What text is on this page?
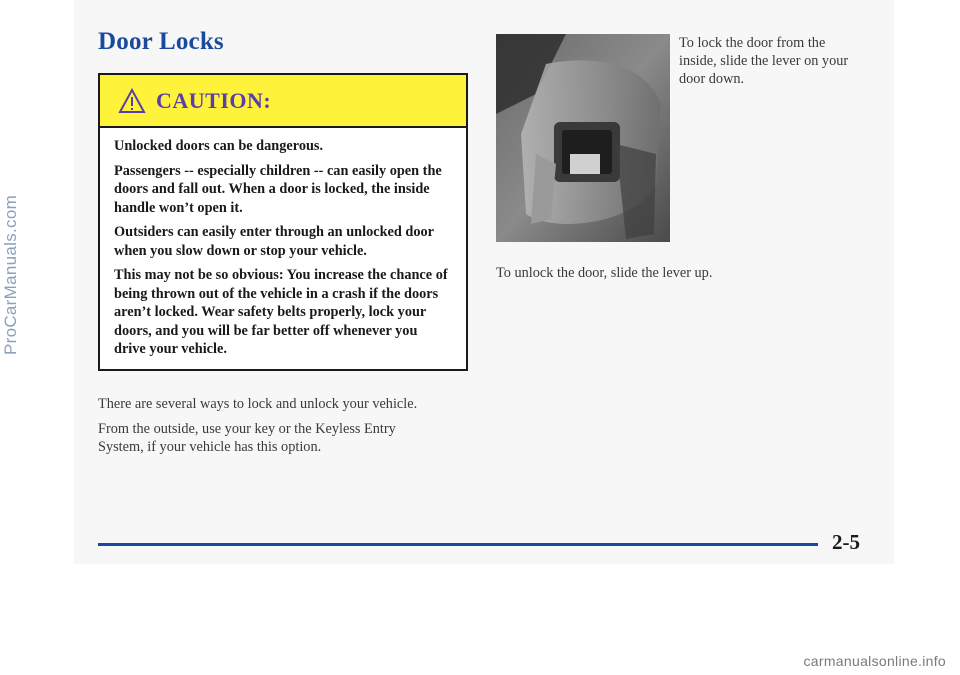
Door Locks
CAUTION:

Unlocked doors can be dangerous.

Passengers -- especially children -- can easily open the doors and fall out. When a door is locked, the inside handle won’t open it.

Outsiders can easily enter through an unlocked door when you slow down or stop your vehicle.

This may not be so obvious: You increase the chance of being thrown out of the vehicle in a crash if the doors aren’t locked. Wear safety belts properly, lock your doors, and you will be far better off whenever you drive your vehicle.

There are several ways to lock and unlock your vehicle.

From the outside, use your key or the Keyless Entry System, if your vehicle has this option.

To lock the door from the inside, slide the lever on your door down.

To unlock the door, slide the lever up.

ProCarManuals.com
2-5
carmanualsonline.info
